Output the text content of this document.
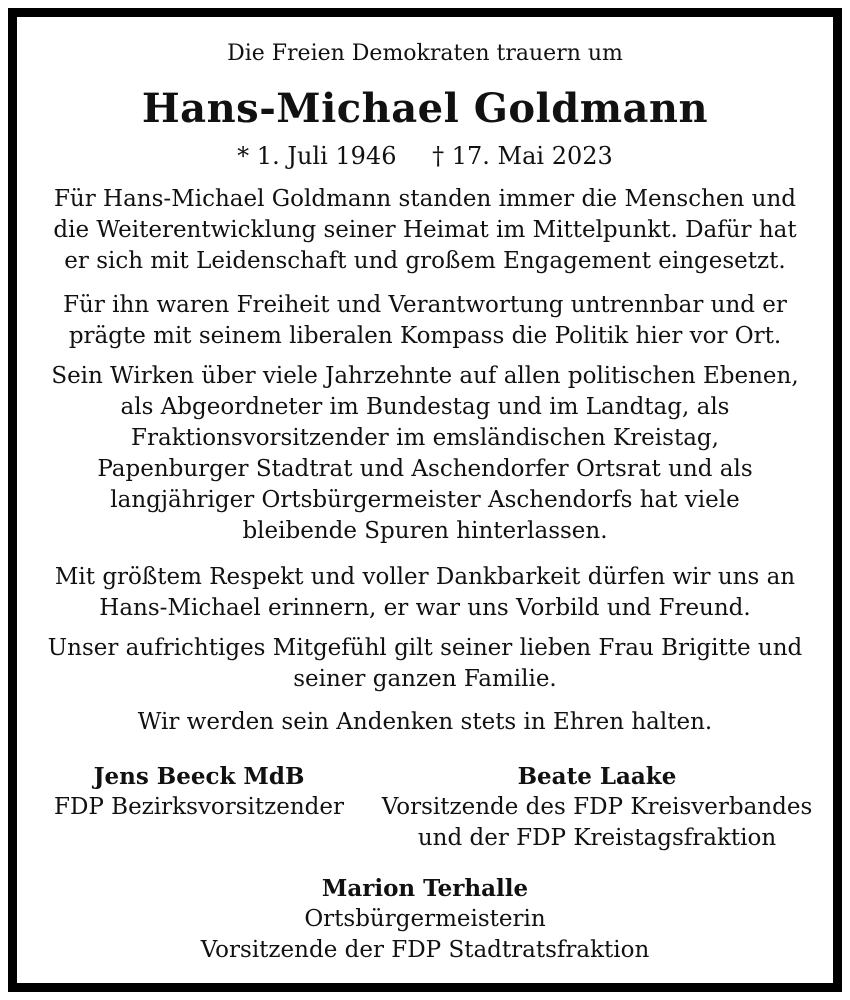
Die Freien Demokraten trauern um
Hans-Michael Goldmann
* 1. Juli 1946 † 17. Mai 2023
Für Hans-Michael Goldmann standen immer die Menschen und
die Weiterentwicklung seiner Heimat im Mittelpunkt. Dafür hat
er sich mit Leidenschaft und großem Engagement eingesetzt.
Für ihn waren Freiheit und Verantwortung untrennbar und er
prägte mit seinem liberalen Kompass die Politik hier vor Ort.
Sein Wirken über viele Jahrzehnte auf allen politischen Ebenen,
als Abgeordneter im Bundestag und im Landtag, als
Fraktionsvorsitzender im emsländischen Kreistag,
Papenburger Stadtrat und Aschendorfer Ortsrat und als
langjähriger Ortsbürgermeister Aschendorfs hat viele
bleibende Spuren hinterlassen.
Mit größtem Respekt und voller Dankbarkeit dürfen wir uns an
Hans-Michael erinnern, er war uns Vorbild und Freund.
Unser aufrichtiges Mitgefühl gilt seiner lieben Frau Brigitte und
seiner ganzen Familie.
Wir werden sein Andenken stets in Ehren halten.
Jens Beeck MdB
FDP Bezirksvorsitzender
Beate Laake
Vorsitzende des FDP Kreisverbandes
und der FDP Kreistagsfraktion
Marion Terhalle
Ortsbürgermeisterin
Vorsitzende der FDP Stadtratsfraktion
